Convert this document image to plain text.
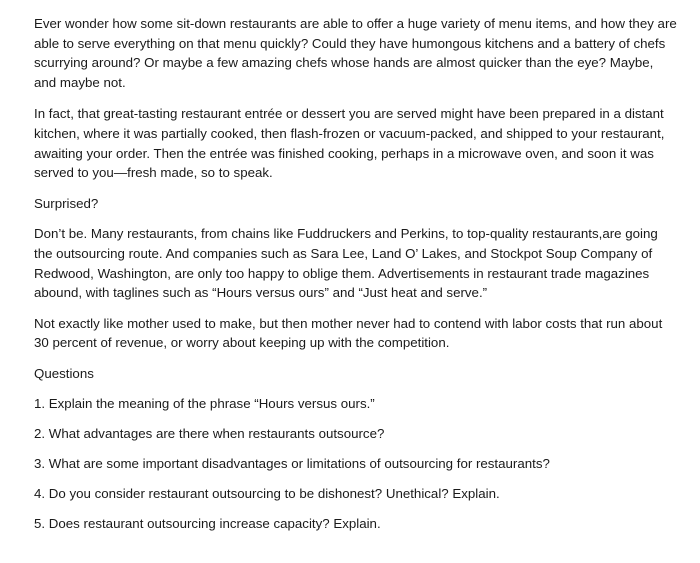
Ever wonder how some sit-down restaurants are able to offer a huge variety of menu items, and how they are able to serve everything on that menu quickly? Could they have humongous kitchens and a battery of chefs scurrying around? Or maybe a few amazing chefs whose hands are almost quicker than the eye? Maybe, and maybe not.

In fact, that great-tasting restaurant entrée or dessert you are served might have been prepared in a distant kitchen, where it was partially cooked, then flash-frozen or vacuum-packed, and shipped to your restaurant, awaiting your order. Then the entrée was finished cooking, perhaps in a microwave oven, and soon it was served to you—fresh made, so to speak.

Surprised?

Don’t be. Many restaurants, from chains like Fuddruckers and Perkins, to top-quality restaurants,are going the outsourcing route. And companies such as Sara Lee, Land O’ Lakes, and Stockpot Soup Company of Redwood, Washington, are only too happy to oblige them. Advertisements in restaurant trade magazines abound, with taglines such as “Hours versus ours” and “Just heat and serve.”

Not exactly like mother used to make, but then mother never had to contend with labor costs that run about 30 percent of revenue, or worry about keeping up with the competition.

Questions

1. Explain the meaning of the phrase “Hours versus ours.”
2. What advantages are there when restaurants outsource?
3. What are some important disadvantages or limitations of outsourcing for restaurants?
4. Do you consider restaurant outsourcing to be dishonest? Unethical? Explain.
5. Does restaurant outsourcing increase capacity? Explain.
